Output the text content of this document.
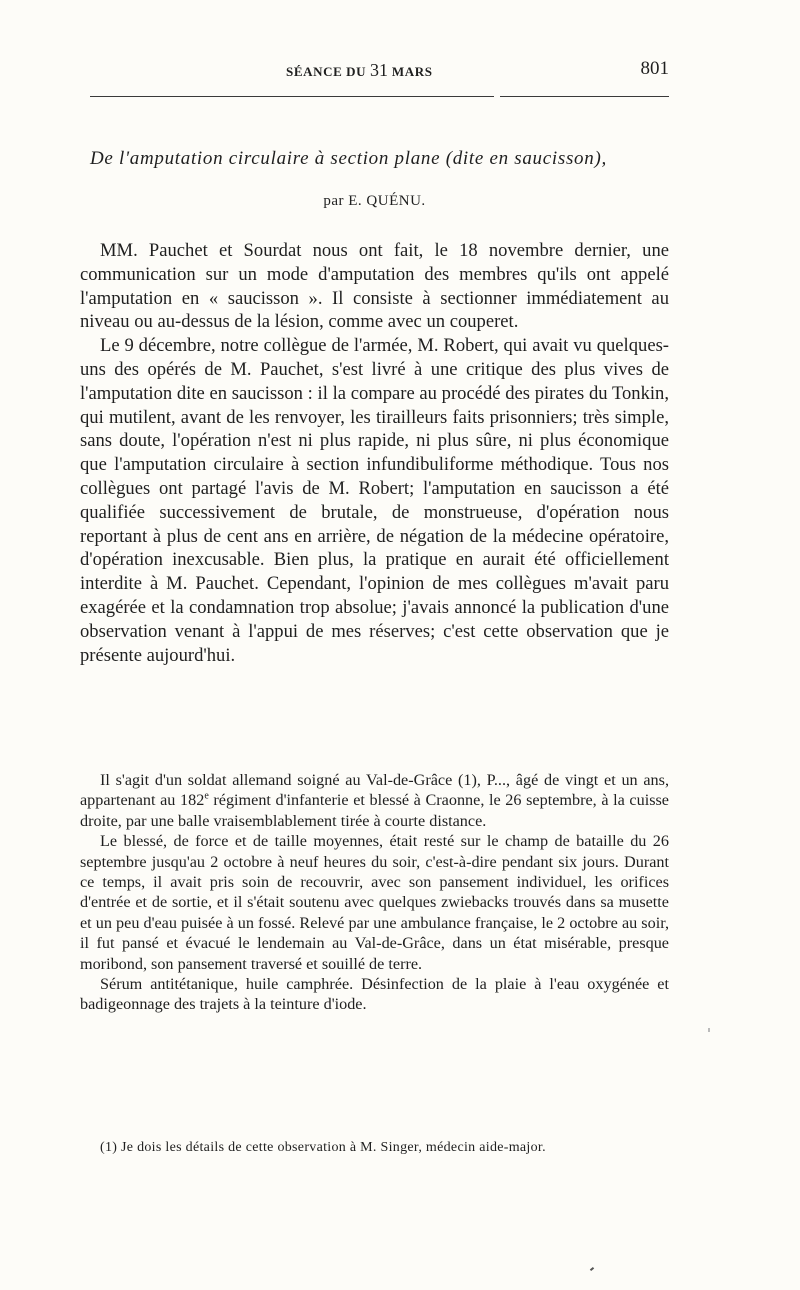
SÉANCE DU 31 MARS	801
De l'amputation circulaire à section plane (dite en saucisson),
par E. QUÉNU.

MM. Pauchet et Sourdat nous ont fait, le 18 novembre dernier, une communication sur un mode d'amputation des membres qu'ils ont appelé l'amputation en « saucisson ». Il consiste à sectionner immédiatement au niveau ou au-dessus de la lésion, comme avec un couperet.

Le 9 décembre, notre collègue de l'armée, M. Robert, qui avait vu quelques-uns des opérés de M. Pauchet, s'est livré à une critique des plus vives de l'amputation dite en saucisson : il la compare au procédé des pirates du Tonkin, qui mutilent, avant de les renvoyer, les tirailleurs faits prisonniers; très simple, sans doute, l'opération n'est ni plus rapide, ni plus sûre, ni plus économique que l'amputation circulaire à section infundibuliforme méthodique. Tous nos collègues ont partagé l'avis de M. Robert; l'amputation en saucisson a été qualifiée successivement de brutale, de monstrueuse, d'opération nous reportant à plus de cent ans en arrière, de négation de la médecine opératoire, d'opération inexcusable. Bien plus, la pratique en aurait été officiellement interdite à M. Pauchet. Cependant, l'opinion de mes collègues m'avait paru exagérée et la condamnation trop absolue; j'avais annoncé la publication d'une observation venant à l'appui de mes réserves; c'est cette observation que je présente aujourd'hui.

Il s'agit d'un soldat allemand soigné au Val-de-Grâce (1), P..., âgé de vingt et un ans, appartenant au 182e régiment d'infanterie et blessé à Craonne, le 26 septembre, à la cuisse droite, par une balle vraisemblablement tirée à courte distance.

Le blessé, de force et de taille moyennes, était resté sur le champ de bataille du 26 septembre jusqu'au 2 octobre à neuf heures du soir, c'est-à-dire pendant six jours. Durant ce temps, il avait pris soin de recouvrir, avec son pansement individuel, les orifices d'entrée et de sortie, et il s'était soutenu avec quelques zwiebacks trouvés dans sa musette et un peu d'eau puisée à un fossé. Relevé par une ambulance française, le 2 octobre au soir, il fut pansé et évacué le lendemain au Val-de-Grâce, dans un état misérable, presque moribond, son pansement traversé et souillé de terre.

Sérum antitétanique, huile camphrée. Désinfection de la plaie à l'eau oxygénée et badigeonnage des trajets à la teinture d'iode.

(1) Je dois les détails de cette observation à M. Singer, médecin aide-major.
